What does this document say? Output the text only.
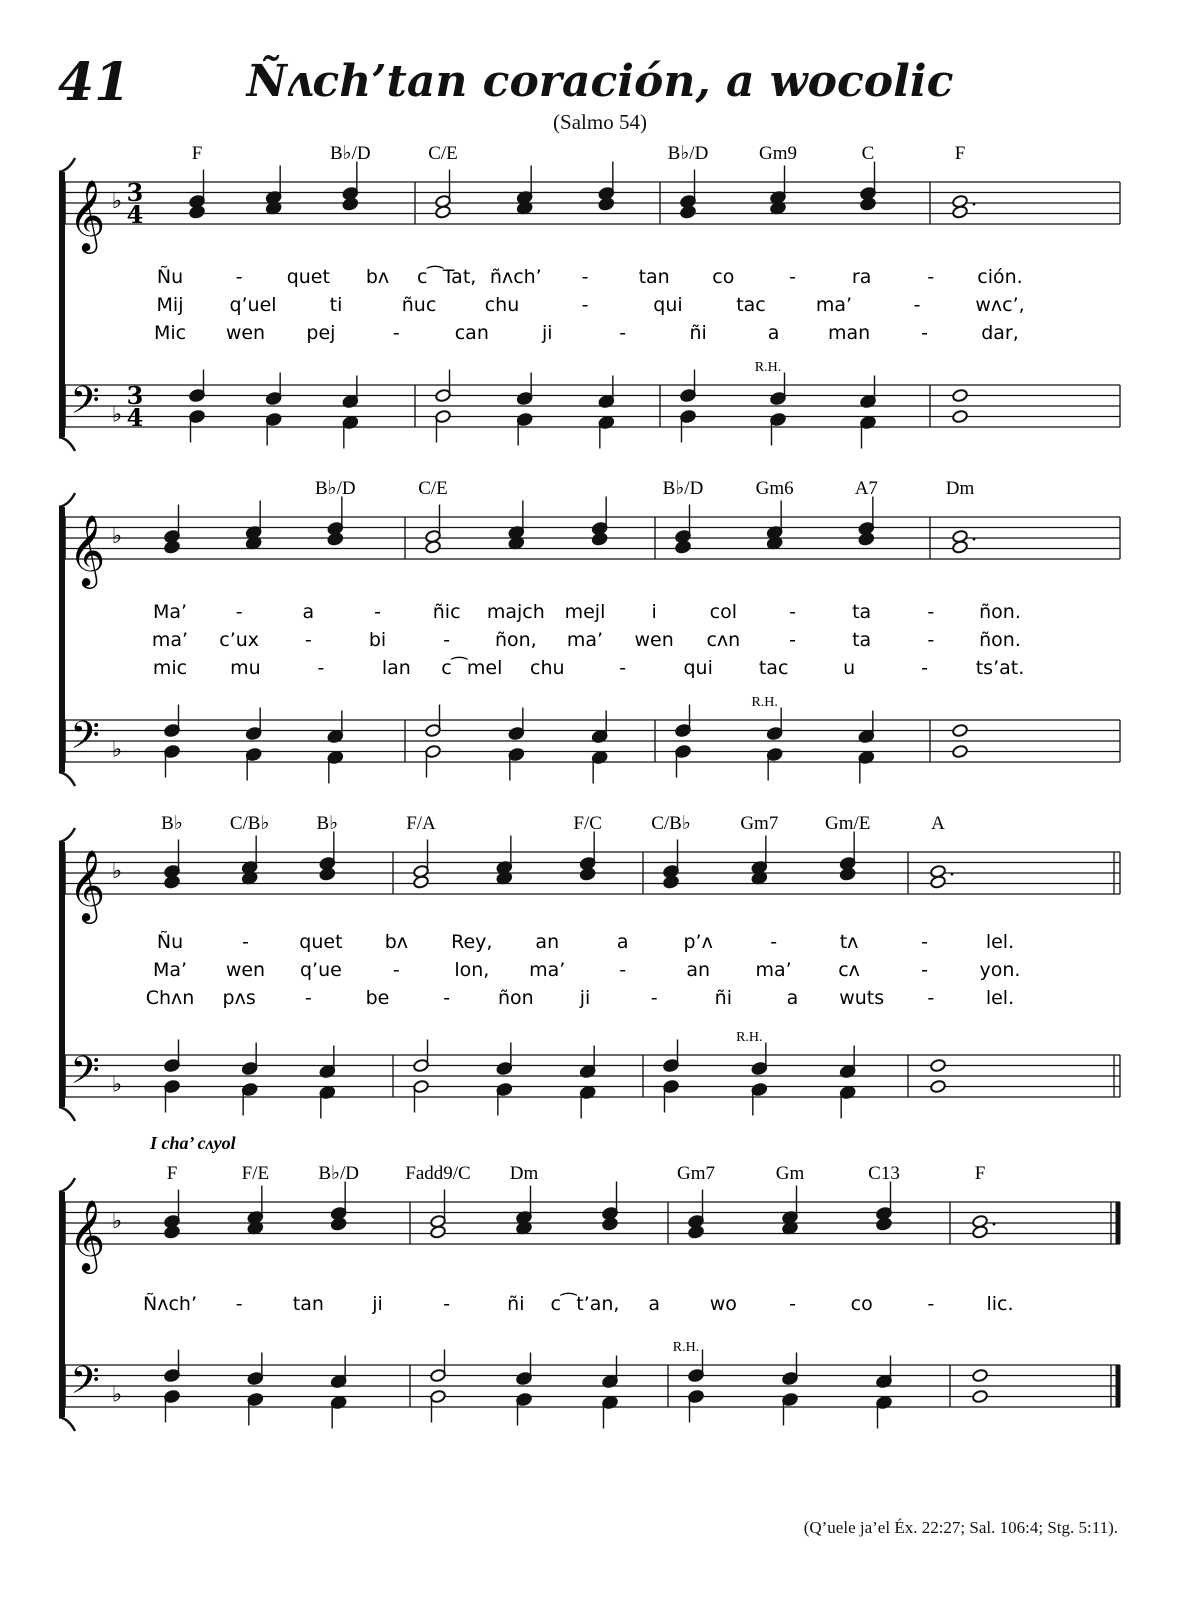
41	Ñʌch’tan coración, a wocolic
(Salmo 54)
𝄞 ♭ 3
4
𝄢 ♭
3
4
F	B♭/D	C/E	B♭/D	Gm9	C	F
·
R.H.
Ñu	- quet bʌ c⁀Tat, ñʌch’ -	tan co	-	ra	- ción.
Mij q’uel	ti	ñuc	chu	-	qui	tac	ma’	-	wʌc’,
Mic wen pej	-	can	ji	-	ñi	a	man	-	dar,
𝄞 ♭
𝄢 ♭
B♭/D	C/E	B♭/D	Gm6	A7	Dm
·
R.H.
Ma’	-	a	-	ñic majch mejl i	col	-	ta	- ñon.
ma’ c’ux -	bi	- ñon, ma’ wen cʌn	-	ta	- ñon.
mic mu	-	lan c⁀mel chu	-	qui tac	u	-	ts’at.
𝄞 ♭
𝄢 ♭
B♭ C/B♭ B♭	F/A	F/C	C/B♭	Gm7 Gm/E	A
·
R.H.
Ñu	-	quet bʌ Rey, an	a	p’ʌ	-	tʌ	-	lel.
Ma’ wen q’ue	-	lon, ma’	-	an ma’ cʌ	-	yon.
Chʌn pʌs	-	be	-	ñon ji	-	ñi	a wuts -	lel.
𝄞 ♭
𝄢 ♭
F	F/E	B♭/D Fadd9/C Dm	Gm7	Gm	C13	F
I cha’ cʌyol
·
R.H.
Ñʌch’ -	tan	ji	-	ñi c⁀t’an, a	wo	-	co	-	lic.
(Q’uele ja’el Éx. 22:27; Sal. 106:4; Stg. 5:11).
